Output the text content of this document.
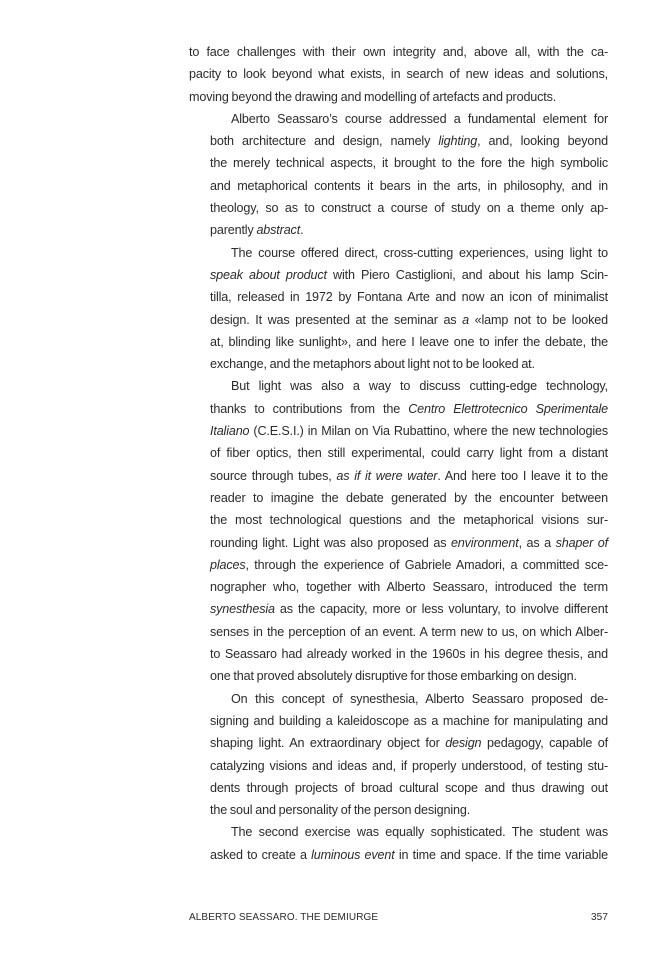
to face challenges with their own integrity and, above all, with the ca-
pacity to look beyond what exists, in search of new ideas and solutions,
moving beyond the drawing and modelling of artefacts and products.
Alberto Seassaro’s course addressed a fundamental element for
both architecture and design, namely lighting, and, looking beyond
the merely technical aspects, it brought to the fore the high symbolic
and metaphorical contents it bears in the arts, in philosophy, and in
theology, so as to construct a course of study on a theme only ap-
parently abstract.
The course offered direct, cross-cutting experiences, using light to
speak about product with Piero Castiglioni, and about his lamp Scin-
tilla, released in 1972 by Fontana Arte and now an icon of minimalist
design. It was presented at the seminar as a «lamp not to be looked
at, blinding like sunlight», and here I leave one to infer the debate, the
exchange, and the metaphors about light not to be looked at.
But light was also a way to discuss cutting-edge technology,
thanks to contributions from the Centro Elettrotecnico Sperimentale
Italiano (C.E.S.I.) in Milan on Via Rubattino, where the new technologies
of fiber optics, then still experimental, could carry light from a distant
source through tubes, as if it were water. And here too I leave it to the
reader to imagine the debate generated by the encounter between
the most technological questions and the metaphorical visions sur-
rounding light. Light was also proposed as environment, as a shaper of
places, through the experience of Gabriele Amadori, a committed sce-
nographer who, together with Alberto Seassaro, introduced the term
synesthesia as the capacity, more or less voluntary, to involve different
senses in the perception of an event. A term new to us, on which Alber-
to Seassaro had already worked in the 1960s in his degree thesis, and
one that proved absolutely disruptive for those embarking on design.
On this concept of synesthesia, Alberto Seassaro proposed de-
signing and building a kaleidoscope as a machine for manipulating and
shaping light. An extraordinary object for design pedagogy, capable of
catalyzing visions and ideas and, if properly understood, of testing stu-
dents through projects of broad cultural scope and thus drawing out
the soul and personality of the person designing.
The second exercise was equally sophisticated. The student was
asked to create a luminous event in time and space. If the time variable
ALBERTO SEASSARO. THE DEMIURGE	357
